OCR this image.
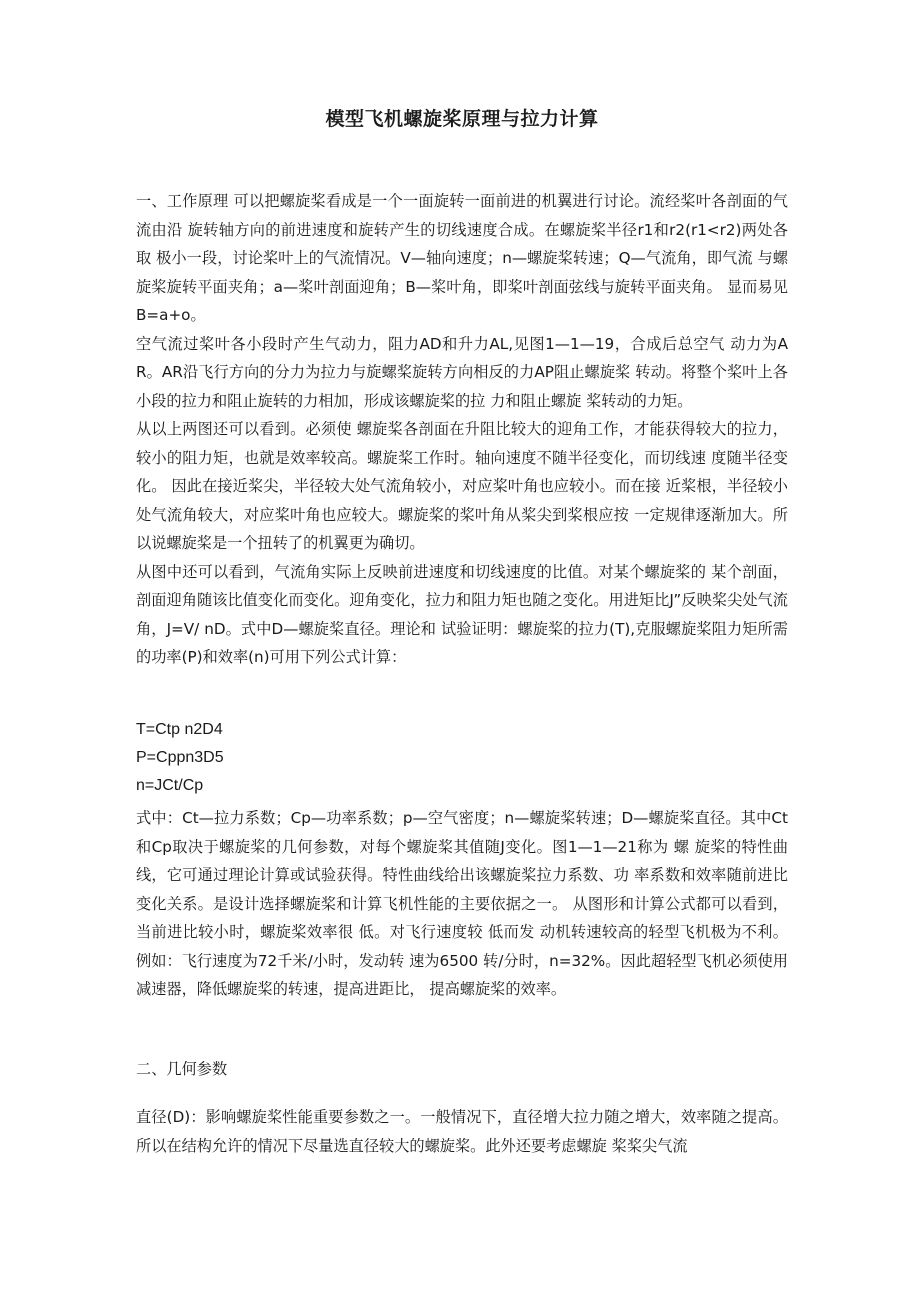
模型飞机螺旋桨原理与拉力计算

一、工作原理 可以把螺旋桨看成是一个一面旋转一面前进的机翼进行讨论。流经桨叶各剖面的气 流由沿 旋转轴方向的前进速度和旋转产生的切线速度合成。在螺旋桨半径r1和r2(r1<r2)两处各取 极小一段，讨论桨叶上的气流情况。V—轴向速度；n—螺旋桨转速；Q—气流角，即气流 与螺旋桨旋转平面夹角；a—桨叶剖面迎角；B—桨叶角，即桨叶剖面弦线与旋转平面夹角。 显而易见B=a+o。

空气流过桨叶各小段时产生气动力，阻力AD和升力AL,见图1—1—19，合成后总空气 动力为AR。AR沿飞行方向的分力为拉力与旋螺桨旋转方向相反的力AP阻止螺旋桨 转动。将整个桨叶上各小段的拉力和阻止旋转的力相加，形成该螺旋桨的拉 力和阻止螺旋 桨转动的力矩。

从以上两图还可以看到。必须使 螺旋桨各剖面在升阻比较大的迎角工作，才能获得较大的拉力，较小的阻力矩，也就是效率较高。螺旋桨工作时。轴向速度不随半径变化，而切线速 度随半径变化。 因此在接近桨尖，半径较大处气流角较小，对应桨叶角也应较小。而在接 近桨根，半径较小处气流角较大，对应桨叶角也应较大。螺旋桨的桨叶角从桨尖到桨根应按 一定规律逐渐加大。所以说螺旋桨是一个扭转了的机翼更为确切。

从图中还可以看到，气流角实际上反映前进速度和切线速度的比值。对某个螺旋桨的 某个剖面，剖面迎角随该比值变化而变化。迎角变化，拉力和阻力矩也随之变化。用进矩比J”反映桨尖处气流角，J=V/ nD。式中D—螺旋桨直径。理论和 试验证明：螺旋桨的拉力(T),克服螺旋桨阻力矩所需的功率(P)和效率(n)可用下列公式计算：

T=Ctp n2D4
P=Cppn3D5
n=JCt/Cp

式中：Ct—拉力系数；Cp—功率系数；p—空气密度；n—螺旋桨转速；D—螺旋桨直径。其中Ct和Cp取决于螺旋桨的几何参数，对每个螺旋桨其值随J变化。图1—1—21称为 螺 旋桨的特性曲线，它可通过理论计算或试验获得。特性曲线给出该螺旋桨拉力系数、功 率系数和效率随前进比变化关系。是设计选择螺旋桨和计算飞机性能的主要依据之一。 从图形和计算公式都可以看到，当前进比较小时，螺旋桨效率很 低。对飞行速度较 低而发 动机转速较高的轻型飞机极为不利。例如：飞行速度为72千米/小时，发动转 速为6500 转/分时，n=32%。因此超轻型飞机必须使用减速器，降低螺旋桨的转速，提高进距比， 提高螺旋桨的效率。

二、几何参数

直径(D)：影响螺旋桨性能重要参数之一。一般情况下，直径增大拉力随之增大，效率随之提高。所以在结构允许的情况下尽量选直径较大的螺旋桨。此外还要考虑螺旋 桨桨尖气流
